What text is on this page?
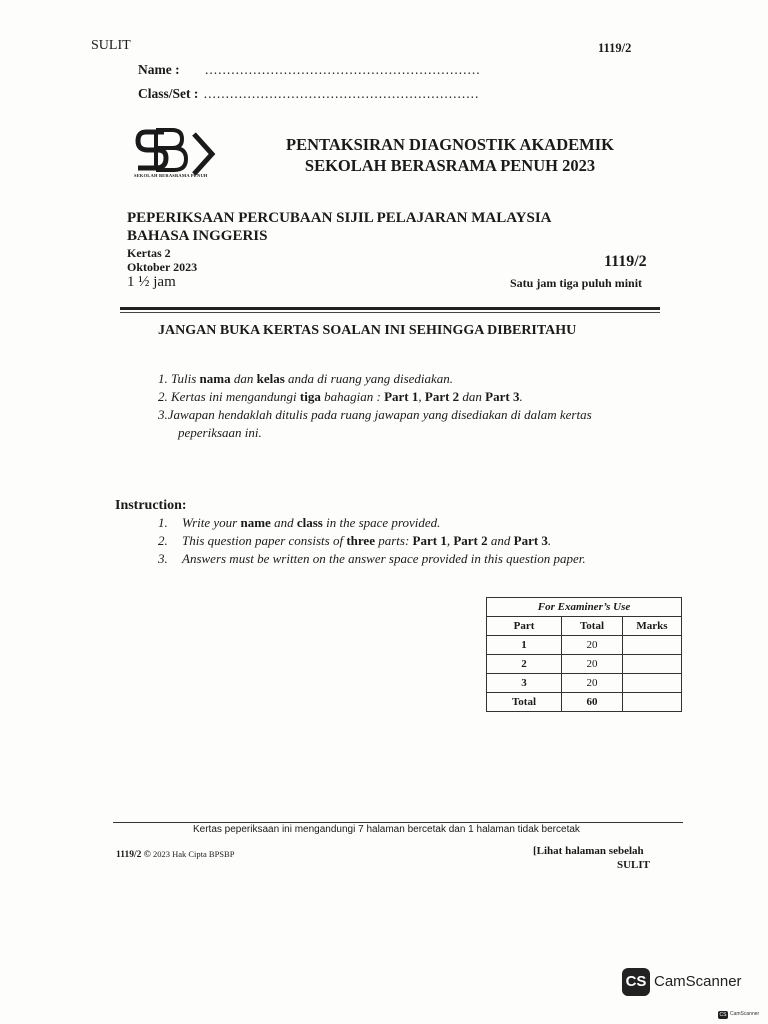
SULIT	1119/2
Name : ...............................................................
Class/Set : ...............................................................
SEKOLAH BERASRAMA PENUH
PENTAKSIRAN DIAGNOSTIK AKADEMIK
SEKOLAH BERASRAMA PENUH 2023
PEPERIKSAAN PERCUBAAN SIJIL PELAJARAN MALAYSIA
BAHASA INGGERIS
Kertas 2
Oktober 2023
1 ½ jam
1119/2
Satu jam tiga puluh minit
JANGAN BUKA KERTAS SOALAN INI SEHINGGA DIBERITAHU
1. Tulis nama dan kelas anda di ruang yang disediakan.
2. Kertas ini mengandungi tiga bahagian : Part 1, Part 2 dan Part 3.
3.Jawapan hendaklah ditulis pada ruang jawapan yang disediakan di dalam kertas
peperiksaan ini.
Instruction:
1. Write your name and class in the space provided.
2. This question paper consists of three parts: Part 1, Part 2 and Part 3.
3. Answers must be written on the answer space provided in this question paper.
For Examiner’s Use		
Part	Total	Marks
1	20	
2	20	
3	20	
Total	60	
Kertas peperiksaan ini mengandungi 7 halaman bercetak dan 1 halaman tidak bercetak
1119/2 © 2023 Hak Cipta BPSBP	[Lihat halaman sebelah
SULIT
CS CamScanner
CS CamScanner
